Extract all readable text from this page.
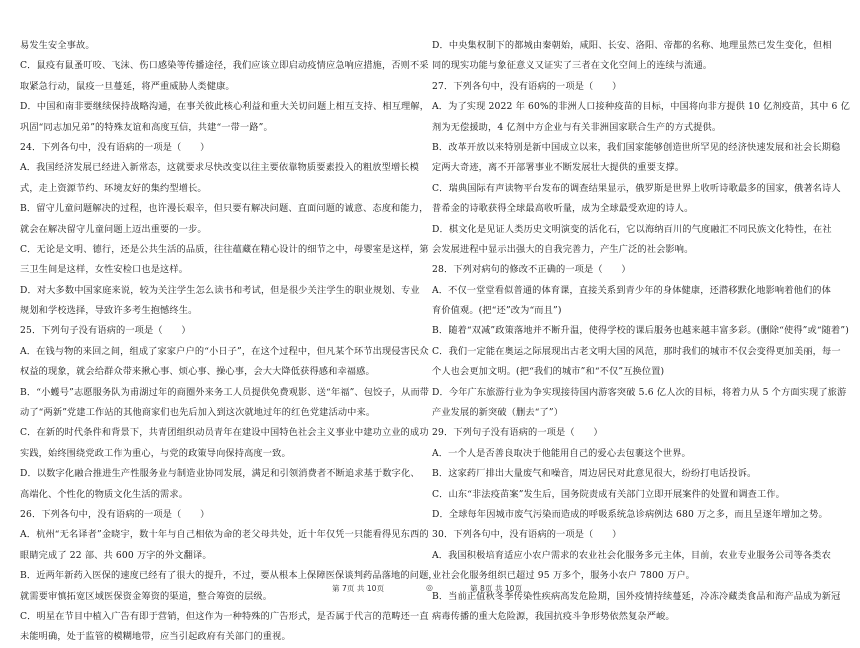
易发生安全事故。
C．鼠疫有鼠蚤叮咬、飞沫、伤口感染等传播途径，我们应该立即启动疫情应急响应措施，否则不采
取紧急行动，鼠疫一旦蔓延，将严重威胁人类健康。
D．中国和南非要继续保持战略沟通，在事关彼此核心利益和重大关切问题上相互支持、相互理解，
巩固“同志加兄弟”的特殊友谊和高度互信，共建“一带一路”。
24．下列各句中，没有语病的一项是（　　）
A．我国经济发展已经进入新常态，这就要求尽快改变以往主要依靠物质要素投入的粗放型增长模
式，走上资源节约、环境友好的集约型增长。
B．留守儿童问题解决的过程，也许漫长艰辛，但只要有解决问题、直面问题的诚意、态度和能力，
就会在解决留守儿童问题上迈出重要的一步。
C．无论是文明、德行，还是公共生活的品质，往往蕴藏在精心设计的细节之中，母婴室是这样，第
三卫生间是这样，女性安检口也是这样。
D．对大多数中国家庭来说，较为关注学生怎么读书和考试，但是很少关注学生的职业规划、专业
规划和学校选择，导致许多考生抱憾终生。
25．下列句子没有语病的一项是（　　）
A．在钱与物的来回之间，组成了家家户户的“小日子”，在这个过程中，但凡某个环节出现侵害民众
权益的现象，就会给群众带来揪心事、烦心事、操心事，会大大降低获得感和幸福感。
B．“小蠖号”志愿服务队为甫湖过年的商圈外来务工人员提供免费观影、送“年福”、包饺子，从而带
动了“两新”党建工作站的其他商家们也先后加入到这次就地过年的红色党建活动中来。
C．在新的时代条件和背景下，共青团组织动员青年在建设中国特色社会主义事业中建功立业的成功
实践，始终围绕党政工作为重心，与党的政策导向保持高度一致。
D．以数字化融合推进生产性服务业与制造业协同发展，满足和引领消费者不断追求基于数字化、
高端化、个性化的物质文化生活的需求。
26．下列各句中，没有语病的一项是（　　）
A．杭州“无名译者”金晓宇，数十年与自己相依为命的老父母共处，近十年仅凭一只能看得见东西的
眼睛完成了 22 部、共 600 万字的外文翻译。
B．近两年新药入医保的速度已经有了很大的提升，不过，要从根本上保障医保谈判药品落地的问题，
就需要审慎拓宽区域医保资金筹资的渠道，整合筹资的层级。
C．明星在节目中植入广告有即于营销，但这作为一种特殊的广告形式，是否属于代言的范畴还一直
未能明确，处于监管的模糊地带，应当引起政府有关部门的重视。
D．中央集权制下的都城由秦朝始，咸阳、长安、洛阳、帝都的名称、地理虽然已发生变化，但相
同的现实功能与象征意义又证实了三者在文化空间上的连续与流通。
27．下列各句中，没有语病的一项是（　　）
A．为了实现 2022 年 60%的非洲人口接种疫苗的目标，中国将向非方提供 10 亿剂疫苗，其中 6 亿
剂为无偿援助，4 亿剂中方企业与有关非洲国家联合生产的方式提供。
B．改革开放以来特别是新中国成立以来，我们国家能够创造世所罕见的经济快速发展和社会长期稳
定两大奇迹，离不开部署事业不断发展壮大提供的重要支撑。
C．瑞典国际有声读物平台发布的调查结果显示，俄罗斯是世界上收听诗歌最多的国家，俄著名诗人
普希金的诗歌获得全球最高收听量，成为全球最受欢迎的诗人。
D．棋文化是见证人类历史文明演变的活化石，它以海纳百川的气度融汇不同民族文化特性，在社
会发展进程中显示出强大的自我完善力，产生广泛的社会影响。
28．下列对病句的修改不正确的一项是（　　）
A．不仅一堂堂看似普通的体育课，直接关系到青少年的身体健康，还潜移默化地影响着他们的体
育价值观。(把“还”改为“而且”)
B．随着“双减”政策落地并不断升温，使得学校的课后服务也越来越丰富多彩。(删除“使得”或“随着”)
C．我们一定能在奥运之际展现出古老文明大国的风范，那时我们的城市不仅会变得更加美丽，每一
个人也会更加文明。(把“我们的城市”和“不仅”互换位置)
D．今年广东旅游行业为争实现接待国内游客突破 5.6 亿人次的目标，将着力从 5 个方面实现了旅游
产业发展的新突破（删去“了”）
29．下列句子没有语病的一项是（　　）
A．一个人是否善良取决于他能用自己的爱心去包裹这个世界。
B．这家药厂排出大量废气和噪音，周边居民对此意见很大，纷纷打电话投诉。
C．山东“非法疫苗案”发生后，国务院责成有关部门立即开展案件的处置和调查工作。
D．全球每年因城市废气污染而造成的呼吸系统急诊病例达 680 万之多，而且呈逐年增加之势。
30．下列各句中，没有语病的一项是（　　）
A．我国积极培育适应小农户需求的农业社会化服务多元主体，目前，农业专业服务公司等各类农
业社会化服务组织已超过 95 万多个，服务小农户 7800 万户。
B．当前正值秋冬季传染性疾病高发危险期，国外疫情持续蔓延，冷冻冷藏类食品和海产品成为新冠
病毒传播的重大危险源，我国抗疫斗争形势依然复杂严峻。
第 7页 共 10页	◎	第 8页 共 10页
